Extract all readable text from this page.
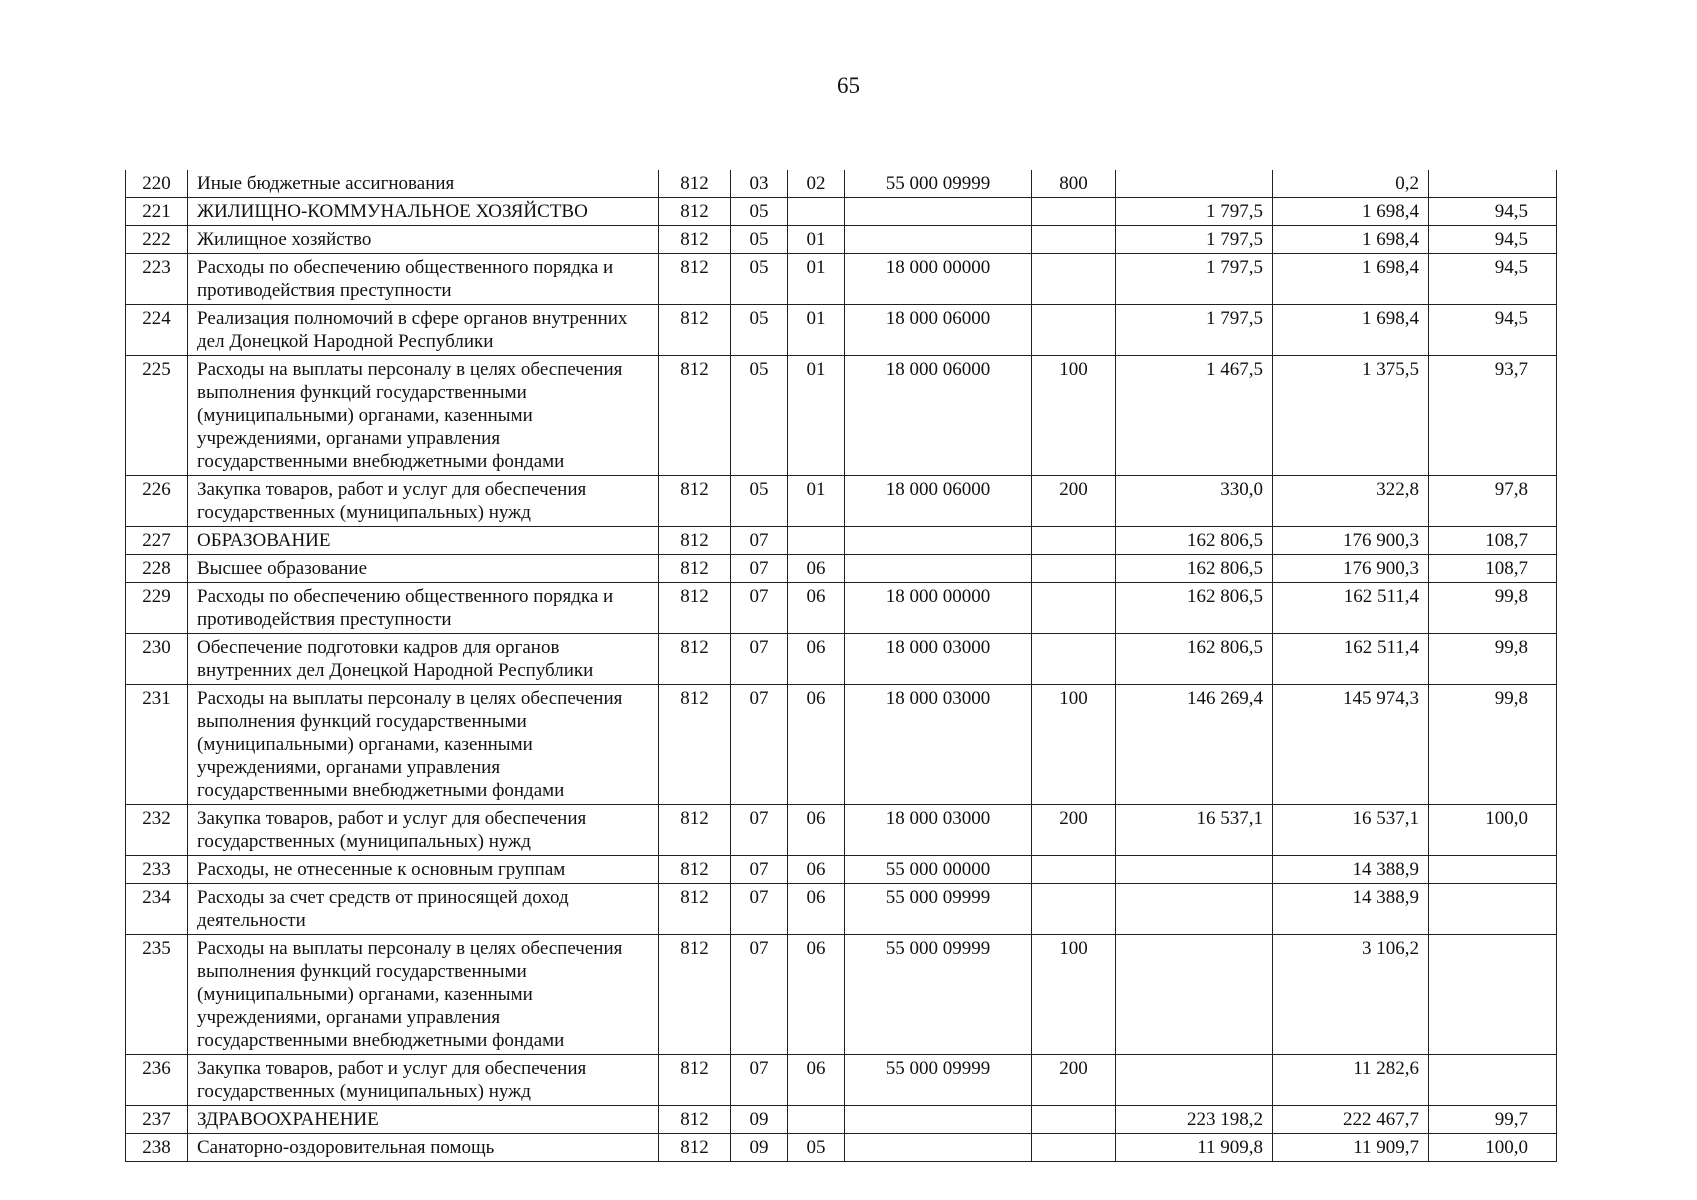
65
220	Иные бюджетные ассигнования	812	03	02	55 000 09999	800		0,2	
221	ЖИЛИЩНО-КОММУНАЛЬНОЕ ХОЗЯЙСТВО	812	05				1 797,5	1 698,4	94,5
222	Жилищное хозяйство	812	05	01			1 797,5	1 698,4	94,5
223	Расходы по обеспечению общественного порядка и противодействия преступности	812	05	01	18 000 00000		1 797,5	1 698,4	94,5
224	Реализация полномочий в сфере органов внутренних дел Донецкой Народной Республики	812	05	01	18 000 06000		1 797,5	1 698,4	94,5
225	Расходы на выплаты персоналу в целях обеспечения выполнения функций государственными (муниципальными) органами, казенными учреждениями, органами управления государственными внебюджетными фондами	812	05	01	18 000 06000	100	1 467,5	1 375,5	93,7
226	Закупка товаров, работ и услуг для обеспечения государственных (муниципальных) нужд	812	05	01	18 000 06000	200	330,0	322,8	97,8
227	ОБРАЗОВАНИЕ	812	07				162 806,5	176 900,3	108,7
228	Высшее образование	812	07	06			162 806,5	176 900,3	108,7
229	Расходы по обеспечению общественного порядка и противодействия преступности	812	07	06	18 000 00000		162 806,5	162 511,4	99,8
230	Обеспечение подготовки кадров для органов внутренних дел Донецкой Народной Республики	812	07	06	18 000 03000		162 806,5	162 511,4	99,8
231	Расходы на выплаты персоналу в целях обеспечения выполнения функций государственными (муниципальными) органами, казенными учреждениями, органами управления государственными внебюджетными фондами	812	07	06	18 000 03000	100	146 269,4	145 974,3	99,8
232	Закупка товаров, работ и услуг для обеспечения государственных (муниципальных) нужд	812	07	06	18 000 03000	200	16 537,1	16 537,1	100,0
233	Расходы, не отнесенные к основным группам	812	07	06	55 000 00000			14 388,9	
234	Расходы за счет средств от приносящей доход деятельности	812	07	06	55 000 09999			14 388,9	
235	Расходы на выплаты персоналу в целях обеспечения выполнения функций государственными (муниципальными) органами, казенными учреждениями, органами управления государственными внебюджетными фондами	812	07	06	55 000 09999	100		3 106,2	
236	Закупка товаров, работ и услуг для обеспечения государственных (муниципальных) нужд	812	07	06	55 000 09999	200		11 282,6	
237	ЗДРАВООХРАНЕНИЕ	812	09				223 198,2	222 467,7	99,7
238	Санаторно-оздоровительная помощь	812	09	05			11 909,8	11 909,7	100,0
